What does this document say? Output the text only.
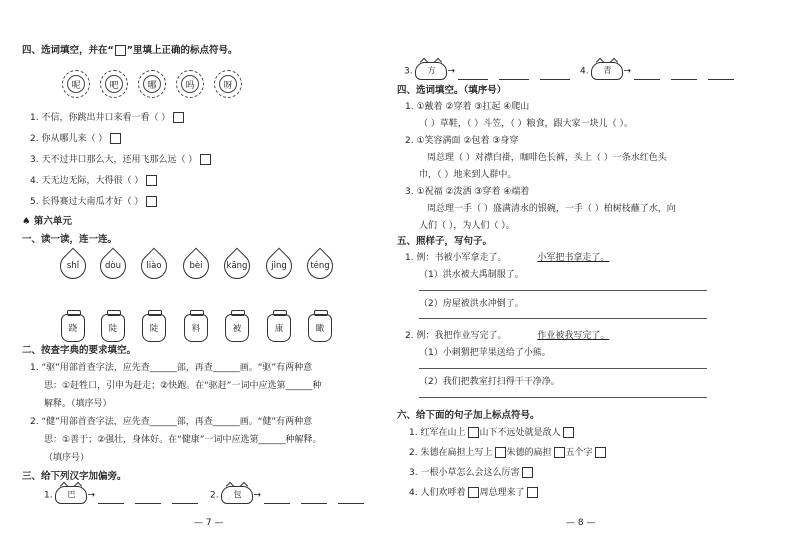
四、选词填空，并在“ ”里填上正确的标点符号。
呢	吧	哪	吗	呀
1. 不信，你跳出井口来看一看（ ）
2. 你从哪儿来（ ）
3. 天不过井口那么大，还用飞那么远（ ）
4. 天无边无际，大得很（ ）
5. 长得赛过大南瓜才好（ ）
♠ 第六单元
一、读一读，连一连。
shǐ	dòu	liào	bèi	kāng	jìng	téng
跷	陡	陡	料	被	康	瞰
二、按查字典的要求填空。
1. “驱”用部首查字法，应先查______部，再查______画。“驱”有两种意
思：①赶牲口，引申为赶走；②快跑。在“驱赶”一词中应选第______种
解释。（填序号）
2. “健”用部首查字法，应先查______部，再查______画。“健”有两种意
思：①善于；②强壮，身体好。在“健康”一词中应选第______种解释。
（填序号）
三、给下列汉字加偏旁。
1. 巴 →	2. 包 →
— 7 —
3. 方 →	4. 青 →
四、选词填空。（填序号）
1. ①戴着 ②穿着 ③扛起 ④爬山
（ ）草鞋，（ ）斗笠，（ ）粮食，跟大家一块儿（ ）。
2. ①笑容满面 ②包着 ③身穿
周总理（ ）对襟白褂，咖啡色长裤，头上（ ）一条水红色头
巾，（ ）地来到人群中。
3. ①祝福 ②泼洒 ③穿着 ④端着
周总理一手（ ）盛满清水的银碗，一手（ ）柏树枝蘸了水，向
人们（ ），为人们（ ）。
五、照样子，写句子。
1. 例：书被小军拿走了。	小军把书拿走了。
（1）洪水被大禹制服了。
（2）房屋被洪水冲倒了。
2. 例：我把作业写完了。	作业被我写完了。
（1）小刺猬把苹果送给了小熊。
（2）我们把教室打扫得干干净净。
六、给下面的句子加上标点符号。
1. 红军在山上 山下不远处就是敌人
2. 朱德在扁担上写上 朱德的扁担 五个字
3. 一根小草怎么会这么厉害
4. 人们欢呼着 周总理来了
— 8 —
